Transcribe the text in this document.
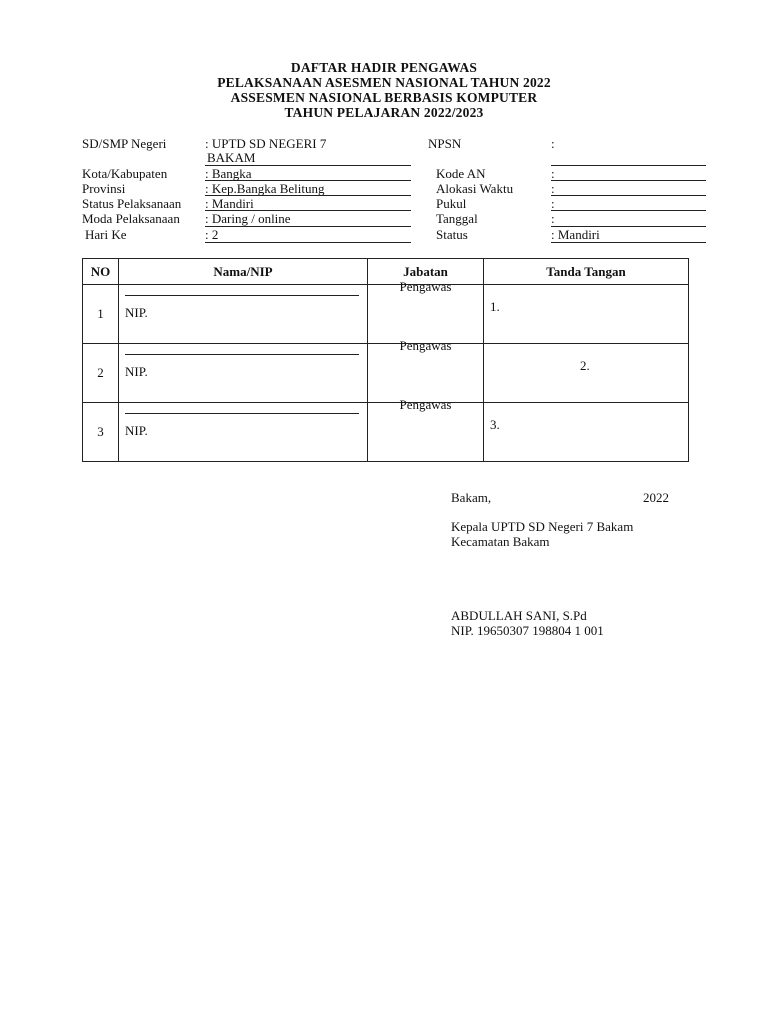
DAFTAR HADIR PENGAWAS
PELAKSANAAN ASESMEN NASIONAL TAHUN 2022
ASSESMEN NASIONAL BERBASIS KOMPUTER
TAHUN PELAJARAN 2022/2023
SD/SMP Negeri	: UPTD SD NEGERI 7
BAKAM
Kota/Kabupaten	: Bangka
Provinsi	: Kep.Bangka Belitung
Status Pelaksanaan : Mandiri
Moda Pelaksanaan : Daring / online
Hari Ke	: 2
NPSN	:
Kode AN	:
Alokasi Waktu	:
Pukul	:
Tanggal	:
Status	: Mandiri
NO	Nama/NIP	Jabatan	Tanda Tangan
1	NIP.	Pengawas	1.

2	NIP.	Pengawas	2.

3	NIP.	Pengawas	3.
Bakam,	2022
Kepala UPTD SD Negeri 7 Bakam
Kecamatan Bakam
ABDULLAH SANI, S.Pd
NIP. 19650307 198804 1 001
